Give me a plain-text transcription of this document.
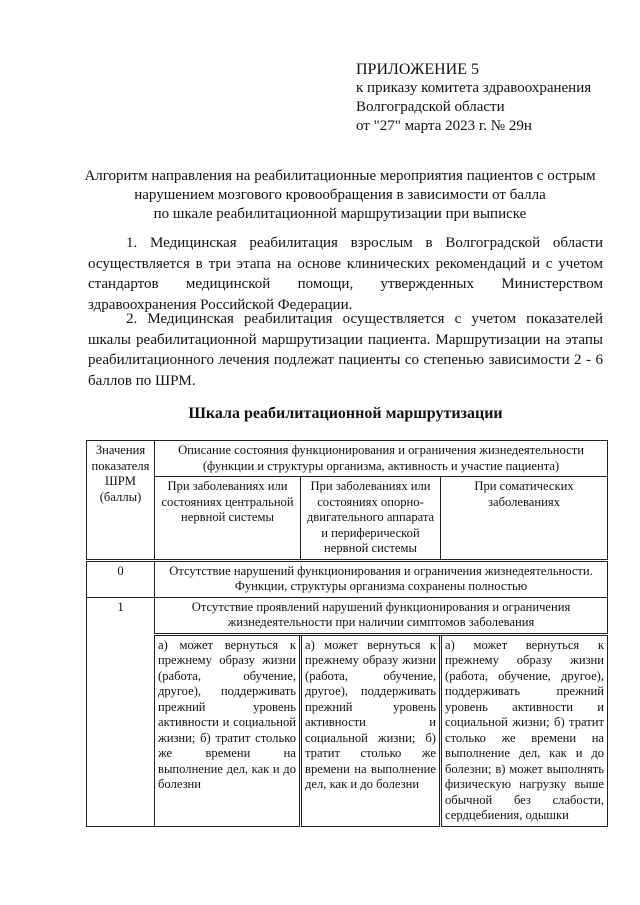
ПРИЛОЖЕНИЕ 5
к приказу комитета здравоохранения
Волгоградской области
от "27" марта 2023 г. № 29н
Алгоритм направления на реабилитационные мероприятия пациентов с острым
нарушением мозгового кровообращения в зависимости от балла
по шкале реабилитационной маршрутизации при выписке

1. Медицинская реабилитация взрослым в Волгоградской области осуществляется в три этапа на основе клинических рекомендаций и с учетом стандартов медицинской помощи, утвержденных Министерством здравоохранения Российской Федерации.

2. Медицинская реабилитация осуществляется с учетом показателей шкалы реабилитационной маршрутизации пациента. Маршрутизации на этапы реабилитационного лечения подлежат пациенты со степенью зависимости 2 - 6 баллов по ШРМ.

Шкала реабилитационной маршрутизации
Значения показателя ШРМ (баллы)	Описание состояния функционирования и ограничения жизнедеятельности (функции и структуры организма, активность и участие пациента)		
	При заболеваниях или состояниях центральной нервной системы	При заболеваниях или состояниях опорно-двигательного аппарата и периферической нервной системы	При соматических заболеваниях
0	Отсутствие нарушений функционирования и ограничения жизнедеятельности. Функции, структуры организма сохранены полностью		
1	Отсутствие проявлений нарушений функционирования и ограничения жизнедеятельности при наличии симптомов заболевания		
	а) может вернуться к прежнему образу жизни (работа, обучение, другое), поддерживать прежний уровень активности и социальной жизни; б) тратит столько же времени на выполнение дел, как и до болезни	а) может вернуться к прежнему образу жизни (работа, обучение, другое), поддерживать прежний уровень активности и социальной жизни; б) тратит столько же времени на выполнение дел, как и до болезни	а) может вернуться к прежнему образу жизни (работа, обучение, другое), поддерживать прежний уровень активности и социальной жизни; б) тратит столько же времени на выполнение дел, как и до болезни; в) может выполнять физическую нагрузку выше обычной без слабости, сердцебиения, одышки
